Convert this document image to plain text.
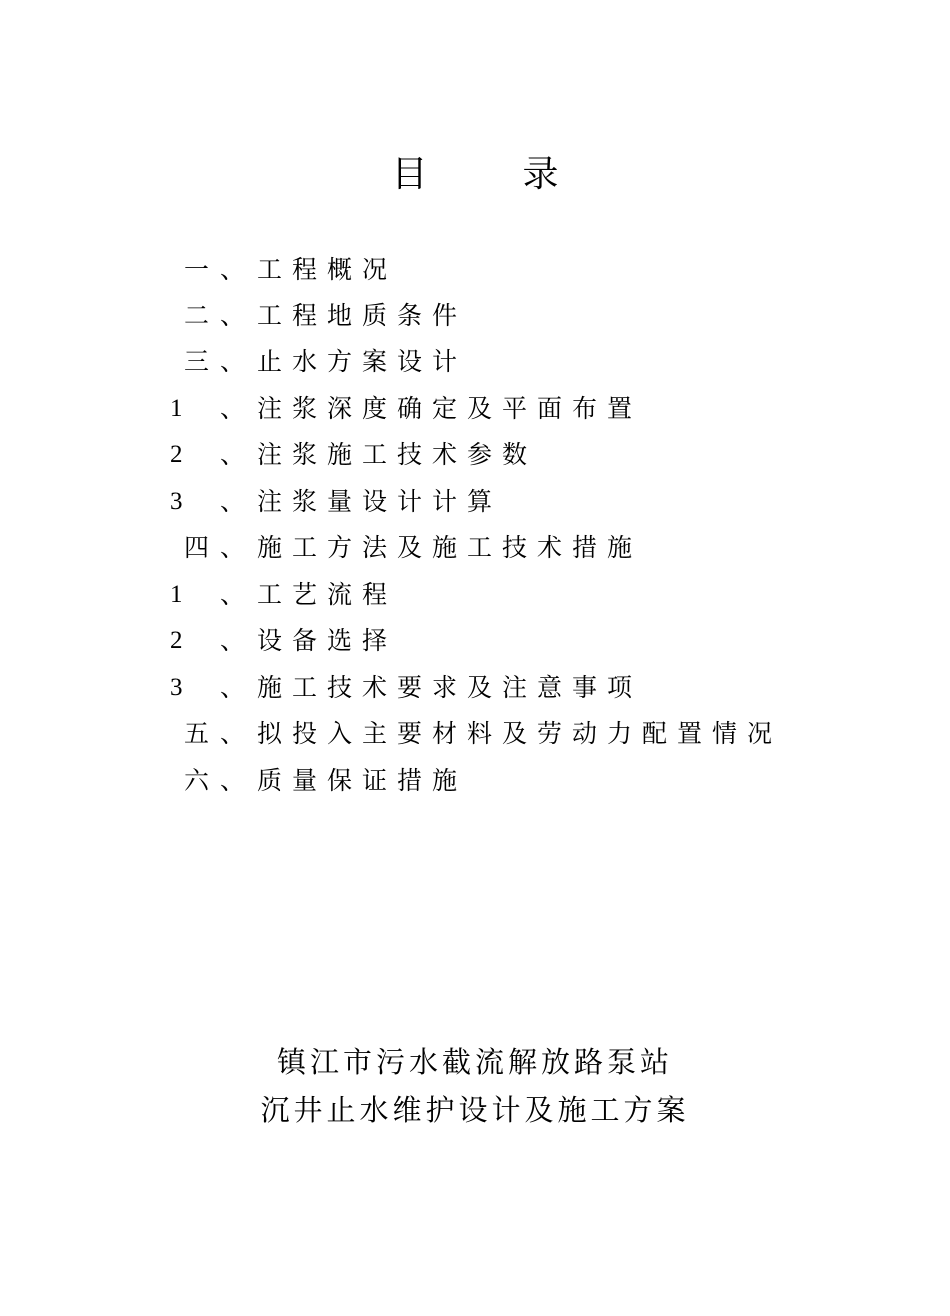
目	录
一 、 工程概况
二 、 工程地质条件
三 、 止水方案设计
1 、 注浆深度确定及平面布置
2 、 注浆施工技术参数
3 、 注浆量设计计算
四 、 施工方法及施工技术措施
1 、 工艺流程
2 、 设备选择
3 、 施工技术要求及注意事项
五 、 拟投入主要材料及劳动力配置情况
六 、 质量保证措施
镇江市污水截流解放路泵站
沉井止水维护设计及施工方案
